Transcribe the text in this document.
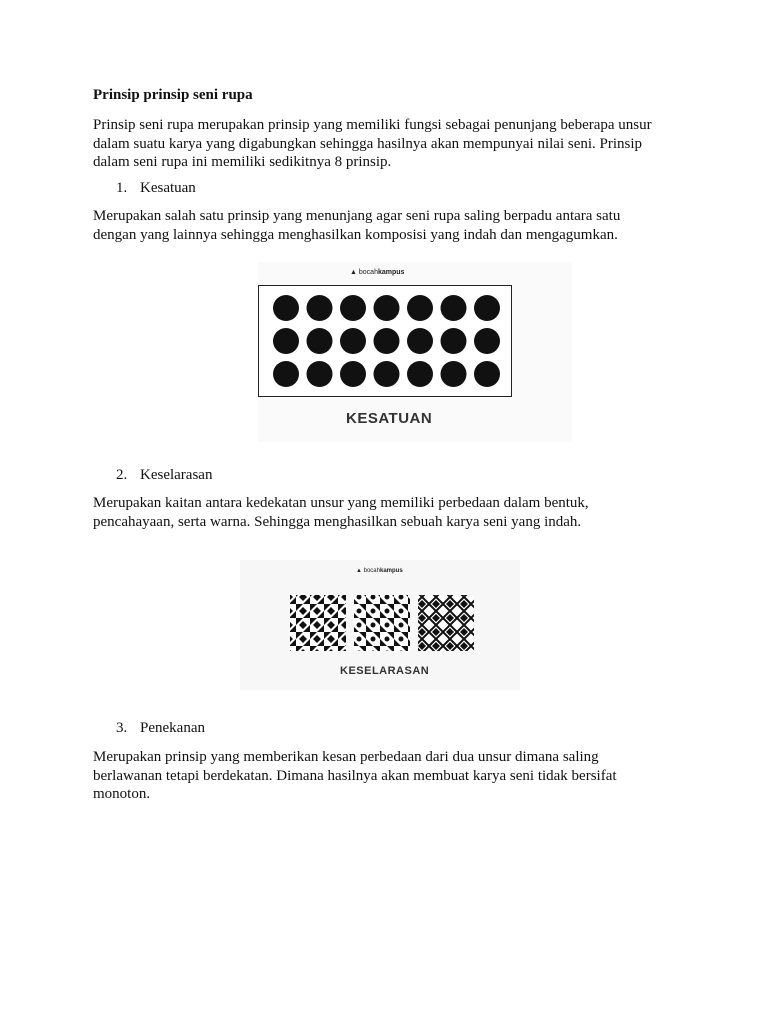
Prinsip prinsip seni rupa

Prinsip seni rupa merupakan prinsip yang memiliki fungsi sebagai penunjang beberapa unsur
dalam suatu karya yang digabungkan sehingga hasilnya akan mempunyai nilai seni. Prinsip
dalam seni rupa ini memiliki sedikitnya 8 prinsip.

1. Kesatuan

Merupakan salah satu prinsip yang menunjang agar seni rupa saling berpadu antara satu
dengan yang lainnya sehingga menghasilkan komposisi yang indah dan mengagumkan.

▲ bocahkampus
KESATUAN
2. Keselarasan

Merupakan kaitan antara kedekatan unsur yang memiliki perbedaan dalam bentuk,
pencahayaan, serta warna. Sehingga menghasilkan sebuah karya seni yang indah.

▲ bocahkampus
KESELARASAN
3. Penekanan

Merupakan prinsip yang memberikan kesan perbedaan dari dua unsur dimana saling
berlawanan tetapi berdekatan. Dimana hasilnya akan membuat karya seni tidak bersifat
monoton.
